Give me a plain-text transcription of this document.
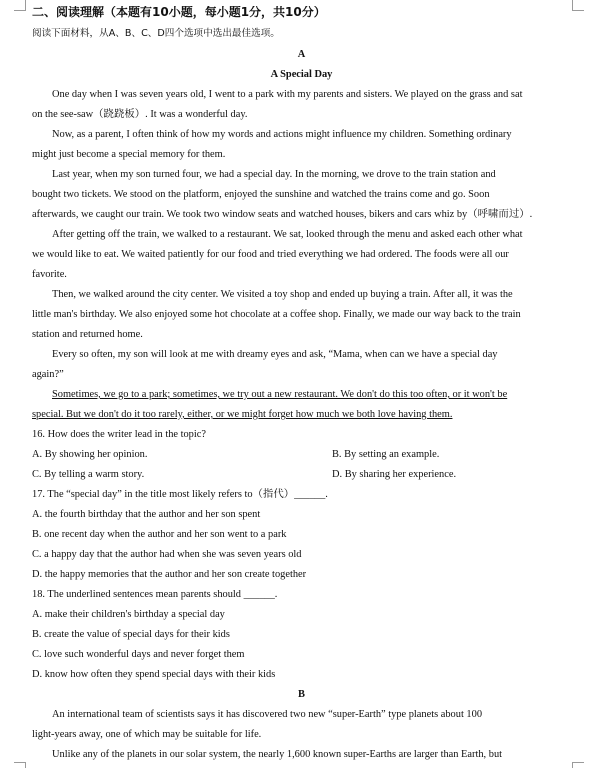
二、阅读理解（本题有10小题，每小题1分，共10分）
阅读下面材料，从A、B、C、D四个选项中选出最佳选项。
A
A Special Day
One day when I was seven years old, I went to a park with my parents and sisters. We played on the grass and sat
on the see-saw（跷跷板）. It was a wonderful day.
Now, as a parent, I often think of how my words and actions might influence my children. Something ordinary
might just become a special memory for them.
Last year, when my son turned four, we had a special day. In the morning, we drove to the train station and
bought two tickets. We stood on the platform, enjoyed the sunshine and watched the trains come and go. Soon
afterwards, we caught our train. We took two window seats and watched houses, bikers and cars whiz by（呼啸而过）.
After getting off the train, we walked to a restaurant. We sat, looked through the menu and asked each other what
we would like to eat. We waited patiently for our food and tried everything we had ordered. The foods were all our
favorite.
Then, we walked around the city center. We visited a toy shop and ended up buying a train. After all, it was the
little man's birthday. We also enjoyed some hot chocolate at a coffee shop. Finally, we made our way back to the train
station and returned home.
Every so often, my son will look at me with dreamy eyes and ask, “Mama, when can we have a special day
again?”
Sometimes, we go to a park; sometimes, we try out a new restaurant. We don't do this too often, or it won't be
special. But we don't do it too rarely, either, or we might forget how much we both love having them.
16. How does the writer lead in the topic?
A. By showing her opinion.	B. By setting an example.
C. By telling a warm story.	D. By sharing her experience.
17. The “special day” in the title most likely refers to（指代）______.
A. the fourth birthday that the author and her son spent
B. one recent day when the author and her son went to a park
C. a happy day that the author had when she was seven years old
D. the happy memories that the author and her son create together
18. The underlined sentences mean parents should ______.
A. make their children's birthday a special day
B. create the value of special days for their kids
C. love such wonderful days and never forget them
D. know how often they spend special days with their kids
B
An international team of scientists says it has discovered two new “super-Earth” type planets about 100
light-years away, one of which may be suitable for life.
Unlike any of the planets in our solar system, the nearly 1,600 known super-Earths are larger than Earth, but
